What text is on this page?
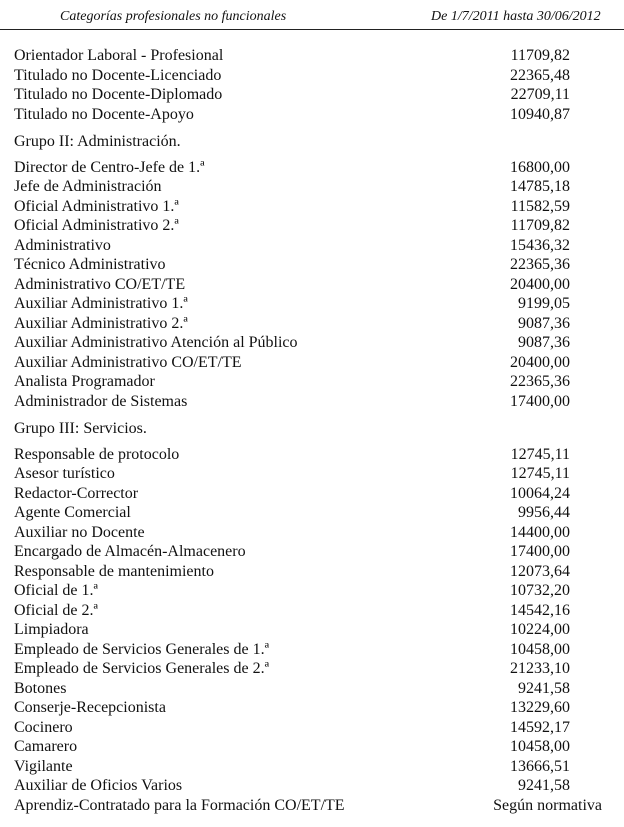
Categorías profesionales no funcionales	De 1/7/2011 hasta 30/06/2012
Orientador Laboral - Profesional	11709,82
Titulado no Docente-Licenciado	22365,48
Titulado no Docente-Diplomado	22709,11
Titulado no Docente-Apoyo	10940,87
Grupo II: Administración.
Director de Centro-Jefe de 1.ª	16800,00
Jefe de Administración	14785,18
Oficial Administrativo 1.ª	11582,59
Oficial Administrativo 2.ª	11709,82
Administrativo	15436,32
Técnico Administrativo	22365,36
Administrativo CO/ET/TE	20400,00
Auxiliar Administrativo 1.ª	9199,05
Auxiliar Administrativo 2.ª	9087,36
Auxiliar Administrativo Atención al Público	9087,36
Auxiliar Administrativo CO/ET/TE	20400,00
Analista Programador	22365,36
Administrador de Sistemas	17400,00
Grupo III: Servicios.
Responsable de protocolo	12745,11
Asesor turístico	12745,11
Redactor-Corrector	10064,24
Agente Comercial	9956,44
Auxiliar no Docente	14400,00
Encargado de Almacén-Almacenero	17400,00
Responsable de mantenimiento	12073,64
Oficial de 1.ª	10732,20
Oficial de 2.ª	14542,16
Limpiadora	10224,00
Empleado de Servicios Generales de 1.ª	10458,00
Empleado de Servicios Generales de 2.ª	21233,10
Botones	9241,58
Conserje-Recepcionista	13229,60
Cocinero	14592,17
Camarero	10458,00
Vigilante	13666,51
Auxiliar de Oficios Varios	9241,58
Aprendiz-Contratado para la Formación CO/ET/TE	Según normativa
